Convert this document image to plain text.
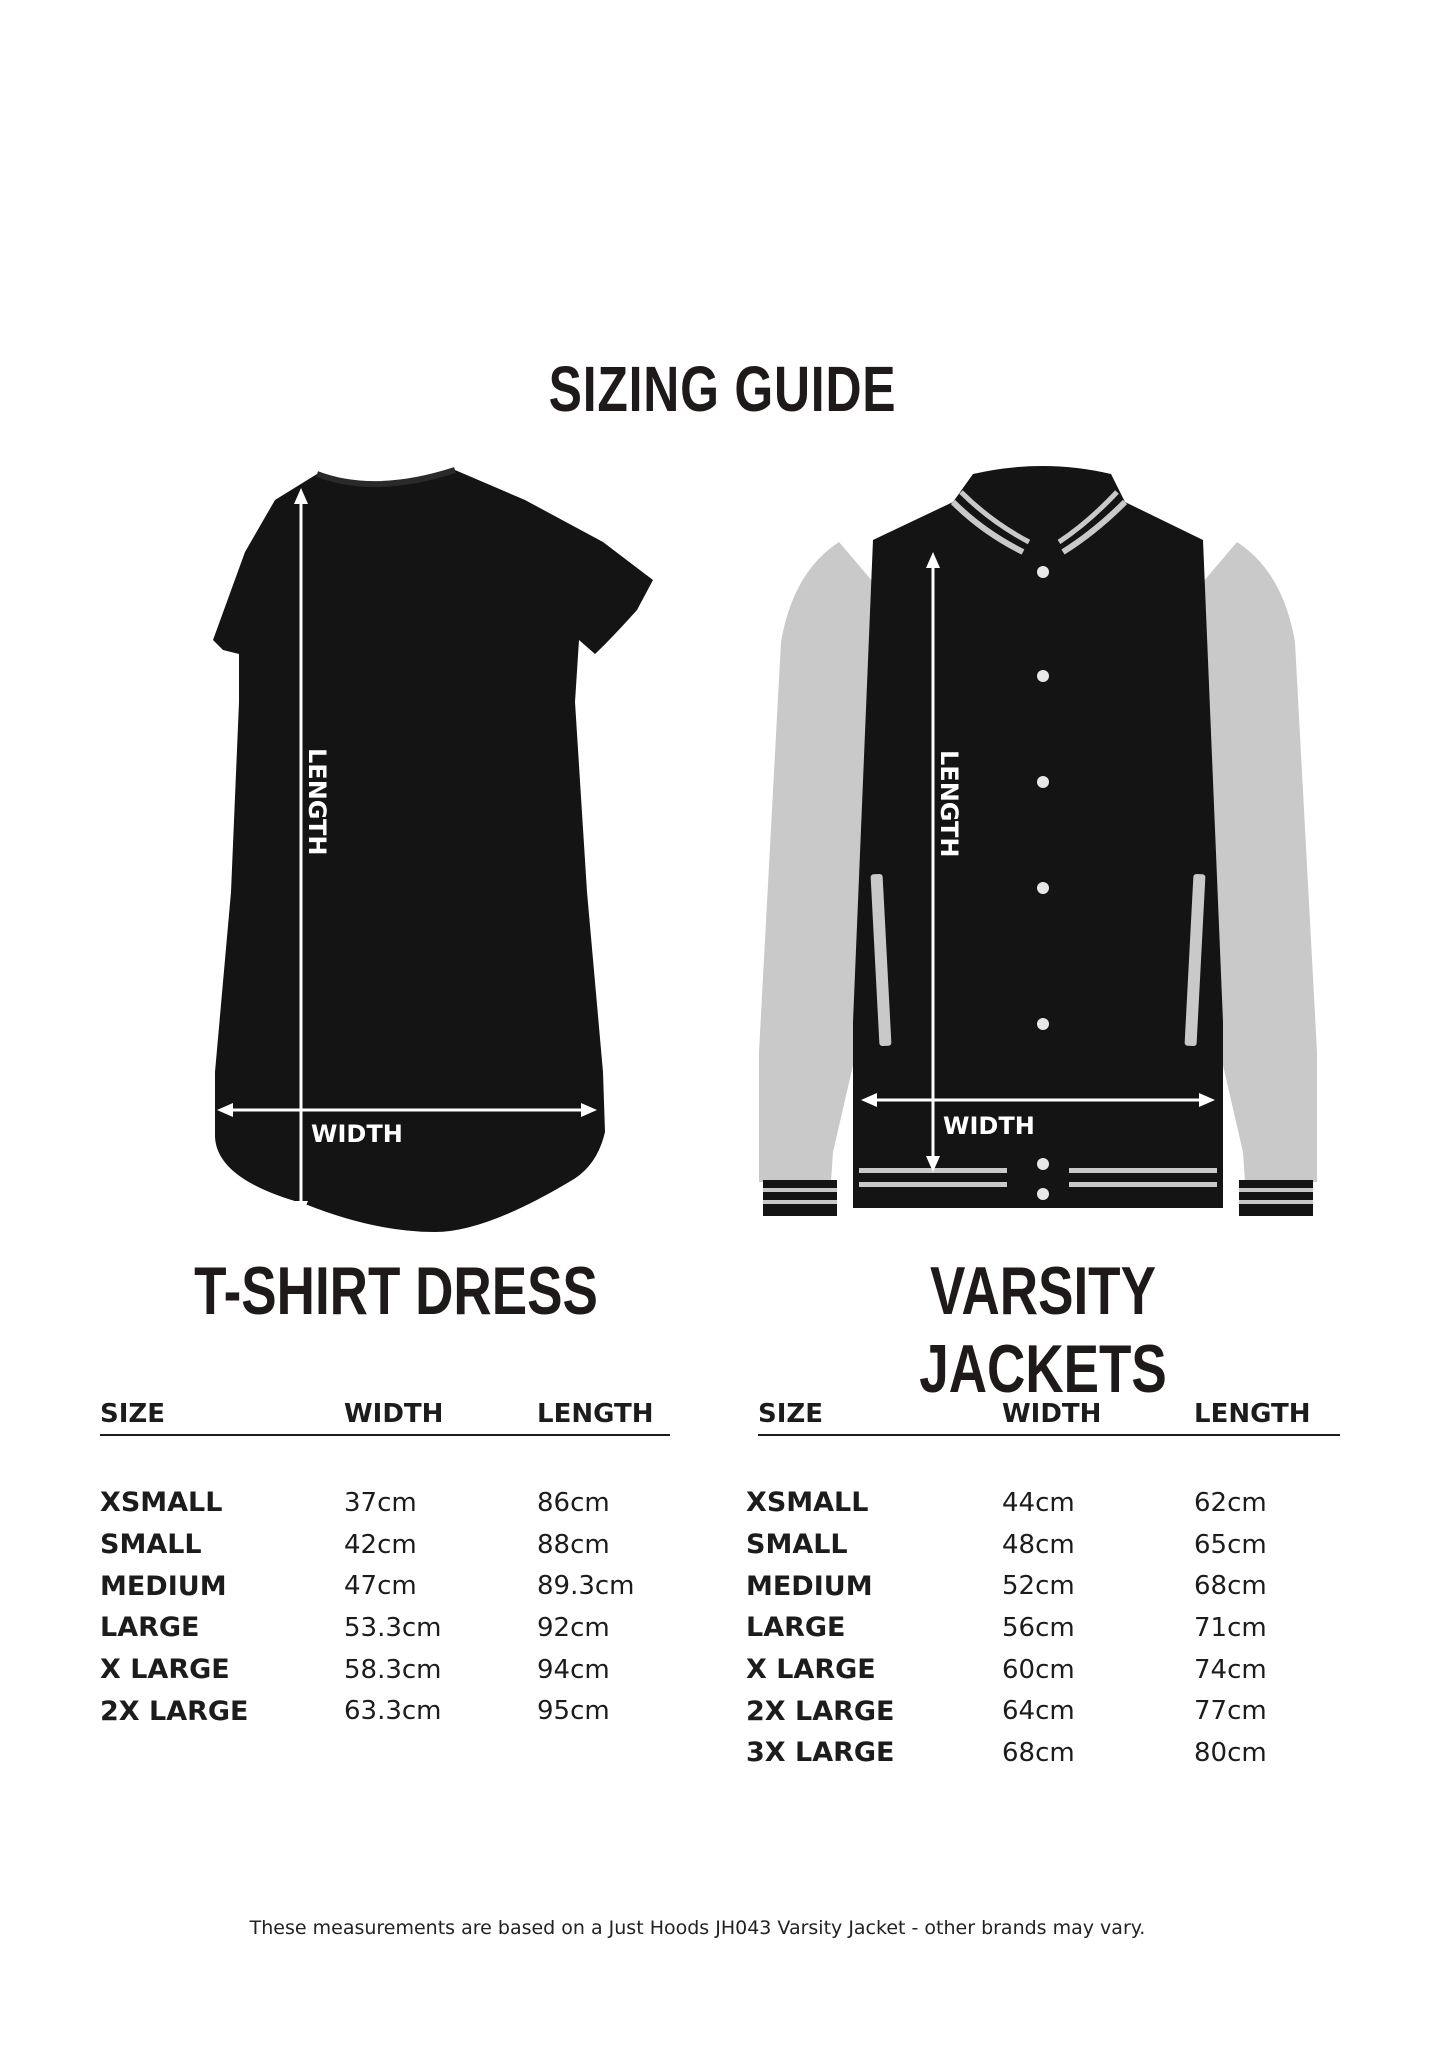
SIZING GUIDE
LENGTH
WIDTH
LENGTH
WIDTH
T-SHIRT DRESS	VARSITY JACKETS
SIZE	WIDTH	LENGTH
XSMALL	37cm	86cm
SMALL	42cm	88cm
MEDIUM	47cm	89.3cm
LARGE	53.3cm	92cm
X LARGE	58.3cm	94cm
2X LARGE	63.3cm	95cm
SIZE	WIDTH	LENGTH
XSMALL	44cm	62cm
SMALL	48cm	65cm
MEDIUM	52cm	68cm
LARGE	56cm	71cm
X LARGE	60cm	74cm
2X LARGE	64cm	77cm
3X LARGE	68cm	80cm
These measurements are based on a Just Hoods JH043 Varsity Jacket - other brands may vary.
